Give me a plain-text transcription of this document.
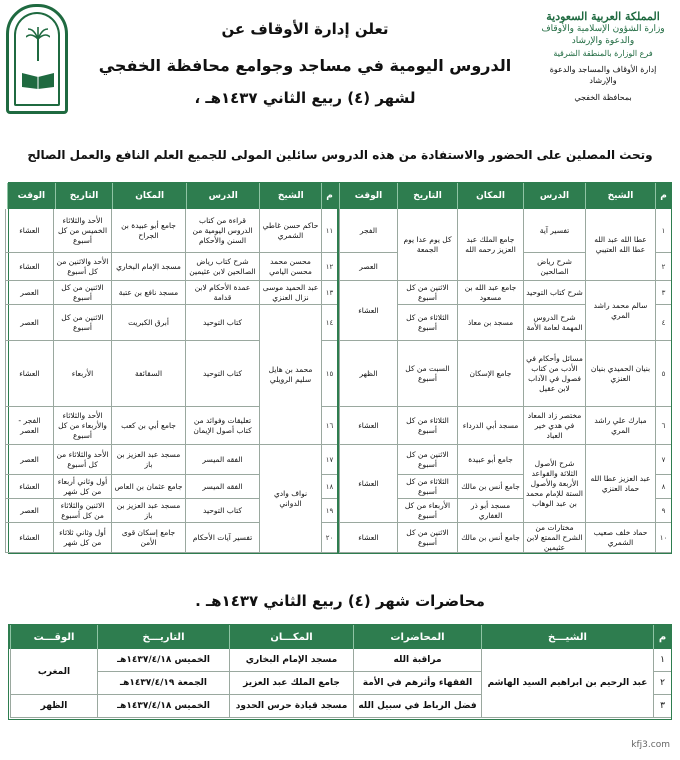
المملكة العربية السعودية
وزارة الشؤون الإسلامية والأوقاف
والدعوة والإرشاد
فرع الوزارة بالمنطقة الشرقية
إدارة الأوقاف والمساجد والدعوة والإرشاد
بمحافظة الخفجي
تعلن إدارة الأوقاف عن
الدروس اليومية في مساجد وجوامع محافظة الخفجي
لشهر (٤) ربيع الثاني ١٤٣٧هـ ،
وتحث المصلين على الحضور والاستفادة من هذه الدروس سائلين المولى للجميع العلم النافع والعمل الصالح
م
الشيخ
الدرس
المكان
التاريخ
الوقت
١
٢
٣
٤
٥
٦
٧
٨
٩
١٠
عطا الله عبد الله عطا الله العتيبي
سالم محمد راشد المري
بنيان الحميدي بنيان العنزي
مبارك علي راشد المري
عبد العزيز عطا الله حماد العنزي
حماد خلف صعيب الشمري
تفسير آية
شرح رياض الصالحين
شرح كتاب التوحيد
شرح الدروس المهمة لعامة الأمة
مسائل وأحكام في الأدب من كتاب فصول في الآداب لابن عقيل
مختصر زاد المعاد في هدي خير العباد
شرح الأصول الثلاثة والقواعد الأربعة والأصول الستة للإمام محمد بن عبد الوهاب
مختارات من الشرح الممتع لابن عثيمين
جامع الملك عبد العزيز رحمه الله
جامع عبد الله بن مسعود
مسجد بن معاذ
جامع الإسكان
مسجد أبي الدرداء
جامع أبو عبيدة
جامع أنس بن مالك
مسجد أبو ذر الغفاري
جامع أنس بن مالك
كل يوم عدا يوم الجمعة
الاثنين من كل أسبوع
الثلاثاء من كل أسبوع
السبت من كل أسبوع
الثلاثاء من كل أسبوع
الاثنين من كل أسبوع
الثلاثاء من كل أسبوع
الأربعاء من كل أسبوع
الاثنين من كل أسبوع
الفجر
العصر
العشاء
الظهر
العشاء
العشاء
العشاء
م
الشيخ
الدرس
المكان
التاريخ
الوقت
١١
١٢
١٣
١٤
١٥
١٦
١٧
١٨
١٩
٢٠
حاكم حسن غاطي الشمري
محسن محمد محسن اليامي
عبد الحميد موسى نزال العنزي
محمد بن هايل سليم الرويلي
نواف وادي الدواني
قراءة من كتاب الدروس اليومية من السنن والأحكام
شرح كتاب رياض الصالحين لابن عثيمين
عمدة الأحكام لابن قدامة
كتاب التوحيد
كتاب التوحيد
تعليقات وفوائد من كتاب أصول الإيمان
الفقه الميسر
الفقه الميسر
كتاب التوحيد
تفسير آيات الأحكام
جامع أبو عبيدة بن الجراح
مسجد الإمام البخاري
مسجد نافع بن عتبة
أبرق الكبريت
السقائفة
جامع أبي بن كعب
مسجد عبد العزيز بن باز
جامع عثمان بن العاص
مسجد عبد العزيز بن باز
جامع إسكان قوى الأمن
الأحد والثلاثاء الخميس من كل أسبوع
الأحد والاثنين من كل أسبوع
الاثنين من كل أسبوع
الاثنين من كل أسبوع
الأربعاء
الأحد والثلاثاء والأربعاء من كل أسبوع
الأحد والثلاثاء من كل أسبوع
أول وثاني أربعاء من كل شهر
الاثنين والثلاثاء من كل أسبوع
أول وثاني ثلاثاء من كل شهر
العشاء
العشاء
العصر
العصر
العشاء
الفجر - العصر
العصر
العشاء
العصر
العشاء
محاضرات شهر (٤) ربيع الثاني ١٤٣٧هـ .
م
الشيـــخ
المحاضرات
المكـــان
التاريـــخ
الوقـــت
١
٢
٣
عبد الرحيم بن ابراهيم السيد الهاشم
مراقبة الله
الفقهاء وأثرهم في الأمة
فضل الرباط في سبيل الله
مسجد الإمام البخاري
جامع الملك عبد العزيز
مسجد قيادة حرس الحدود
الخميس ١٤٣٧/٤/١٨هـ
الجمعة ١٤٣٧/٤/١٩هـ
الخميس ١٤٣٧/٤/١٨هـ
المغرب
الظهر
kfj3.com
